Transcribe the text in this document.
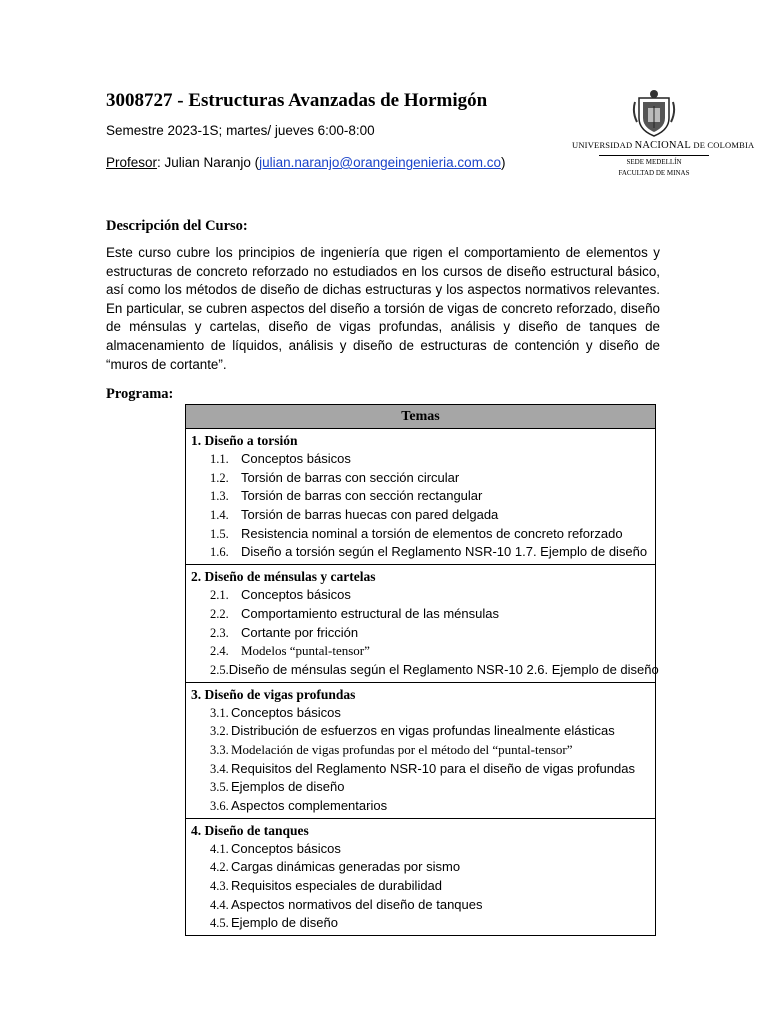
3008727 - Estructuras Avanzadas de Hormigón
Semestre 2023-1S; martes/ jueves 6:00-8:00
Profesor: Julian Naranjo (julian.naranjo@orangeingenieria.com.co)
UNIVERSIDAD NACIONAL DE COLOMBIA
SEDE MEDELLÍN
FACULTAD DE MINAS
Descripción del Curso:
Este curso cubre los principios de ingeniería que rigen el comportamiento de elementos y estructuras de concreto reforzado no estudiados en los cursos de diseño estructural básico, así como los métodos de diseño de dichas estructuras y los aspectos normativos relevantes. En particular, se cubren aspectos del diseño a torsión de vigas de concreto reforzado, diseño de ménsulas y cartelas, diseño de vigas profundas, análisis y diseño de tanques de almacenamiento de líquidos, análisis y diseño de estructuras de contención y diseño de “muros de cortante”.
Programa:
Temas
1. Diseño a torsión
1.1. Conceptos básicos
1.2. Torsión de barras con sección circular
1.3. Torsión de barras con sección rectangular
1.4. Torsión de barras huecas con pared delgada
1.5. Resistencia nominal a torsión de elementos de concreto reforzado
1.6. Diseño a torsión según el Reglamento NSR-10 1.7. Ejemplo de diseño
2. Diseño de ménsulas y cartelas
2.1. Conceptos básicos
2.2. Comportamiento estructural de las ménsulas
2.3. Cortante por fricción
2.4. Modelos “puntal-tensor”
2.5. Diseño de ménsulas según el Reglamento NSR-10 2.6. Ejemplo de diseño
3. Diseño de vigas profundas
3.1. Conceptos básicos
3.2. Distribución de esfuerzos en vigas profundas linealmente elásticas
3.3. Modelación de vigas profundas por el método del “puntal-tensor”
3.4. Requisitos del Reglamento NSR-10 para el diseño de vigas profundas
3.5. Ejemplos de diseño
3.6. Aspectos complementarios
4. Diseño de tanques
4.1. Conceptos básicos
4.2. Cargas dinámicas generadas por sismo
4.3. Requisitos especiales de durabilidad
4.4. Aspectos normativos del diseño de tanques
4.5. Ejemplo de diseño
